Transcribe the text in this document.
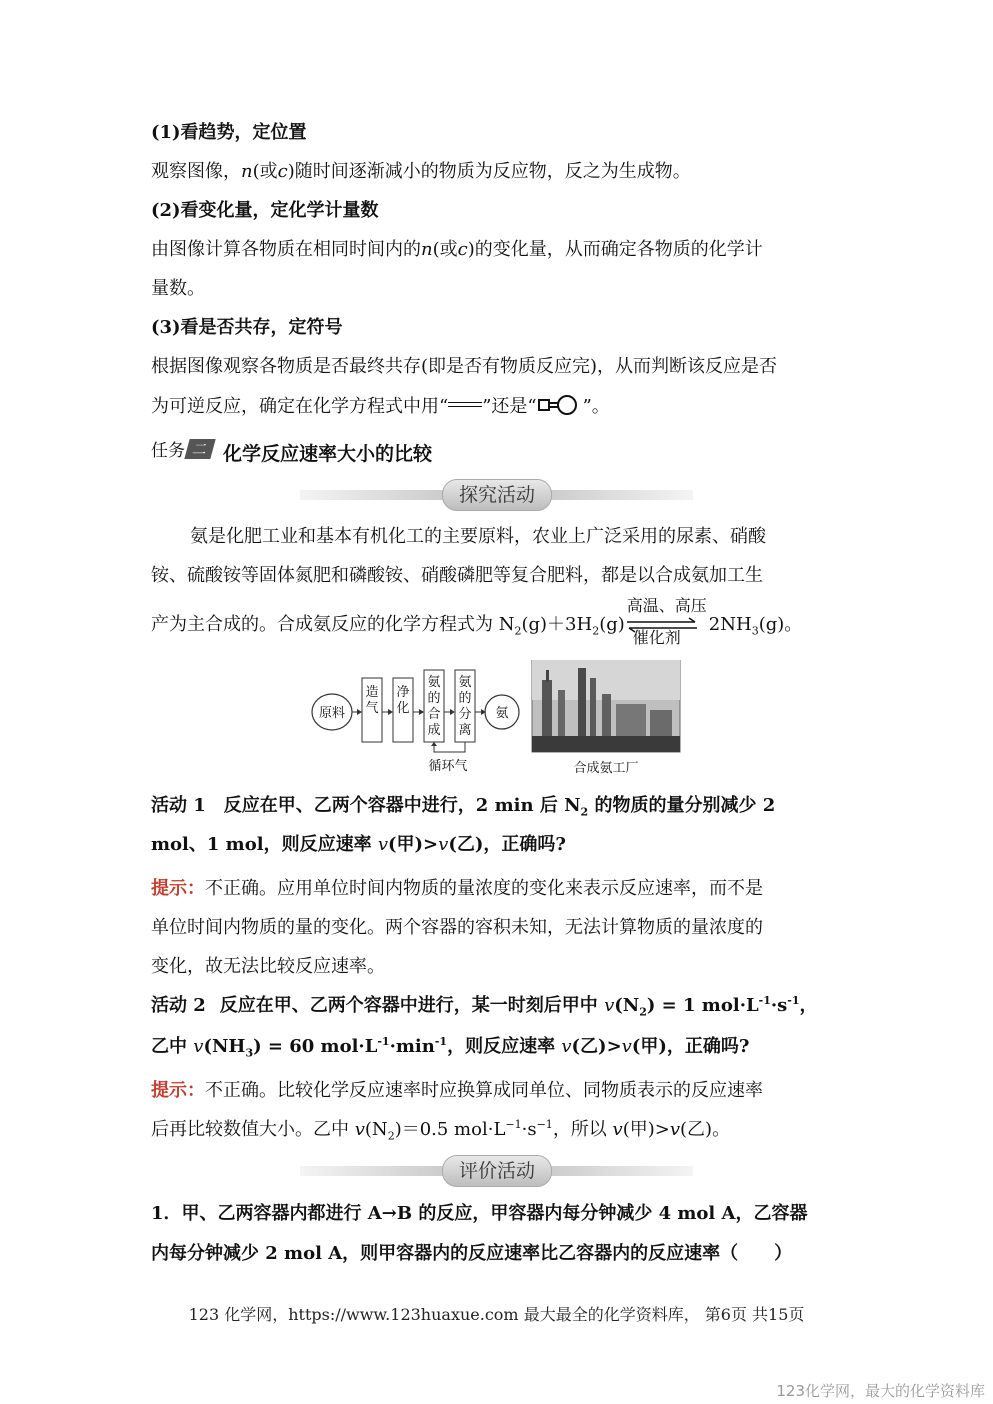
(1)看趋势，定位置
观察图像，n(或c)随时间逐渐减小的物质为反应物，反之为生成物。
(2)看变化量，定化学计量数
由图像计算各物质在相同时间内的n(或c)的变化量，从而确定各物质的化学计
量数。
(3)看是否共存，定符号
根据图像观察各物质是否最终共存(即是否有物质反应完)，从而判断该反应是否
为可逆反应，确定在化学方程式中用“ ”还是“	”。
任务 二 化学反应速率大小的比较
探究活动
氨是化肥工业和基本有机化工的主要原料，农业上广泛采用的尿素、硝酸
铵、硫酸铵等固体氮肥和磷酸铵、硝酸磷肥等复合肥料，都是以合成氨加工生
产为主合成的。合成氨反应的化学方程式为 $N_2(g)+3H_2(g)$
高温、高压
催化剂
$2NH_3(g)$。
原料
造气
净化
氨的合成
氨的分离
氨
循环气	合成氨工厂
活动 1 反应在甲、乙两个容器中进行，2 min 后 $N_2$ 的物质的量分别减少 2
mol、1 mol，则反应速率 v(甲)>v(乙)，正确吗?
提示：不正确。应用单位时间内物质的量浓度的变化来表示反应速率，而不是
单位时间内物质的量的变化。两个容器的容积未知，无法计算物质的量浓度的
变化，故无法比较反应速率。
活动 2 反应在甲、乙两个容器中进行，某一时刻后甲中 $v(N_2) = 1$ $mol\cdot L^{-1}\cdot s^{-1}$，
乙中 $v(NH_3) = 60$ $mol\cdot L^{-1}\cdot\min^{-1}$，则反应速率 v(乙)>v(甲)，正确吗?
提示：不正确。比较化学反应速率时应换算成同单位、同物质表示的反应速率
后再比较数值大小。乙中 $v(N_2)=0.5$ $mol\cdot L^{-1}\cdot s^{-1}$，所以 v(甲)>v(乙)。
评价活动
1．甲、乙两容器内都进行 A→B 的反应，甲容器内每分钟减少 4 mol A，乙容器
内每分钟减少 2 mol A，则甲容器内的反应速率比乙容器内的反应速率（　　）
123 化学网，https://www.123huaxue.com 最大最全的化学资料库， 第6页 共15页
123化学网，最大的化学资料库
